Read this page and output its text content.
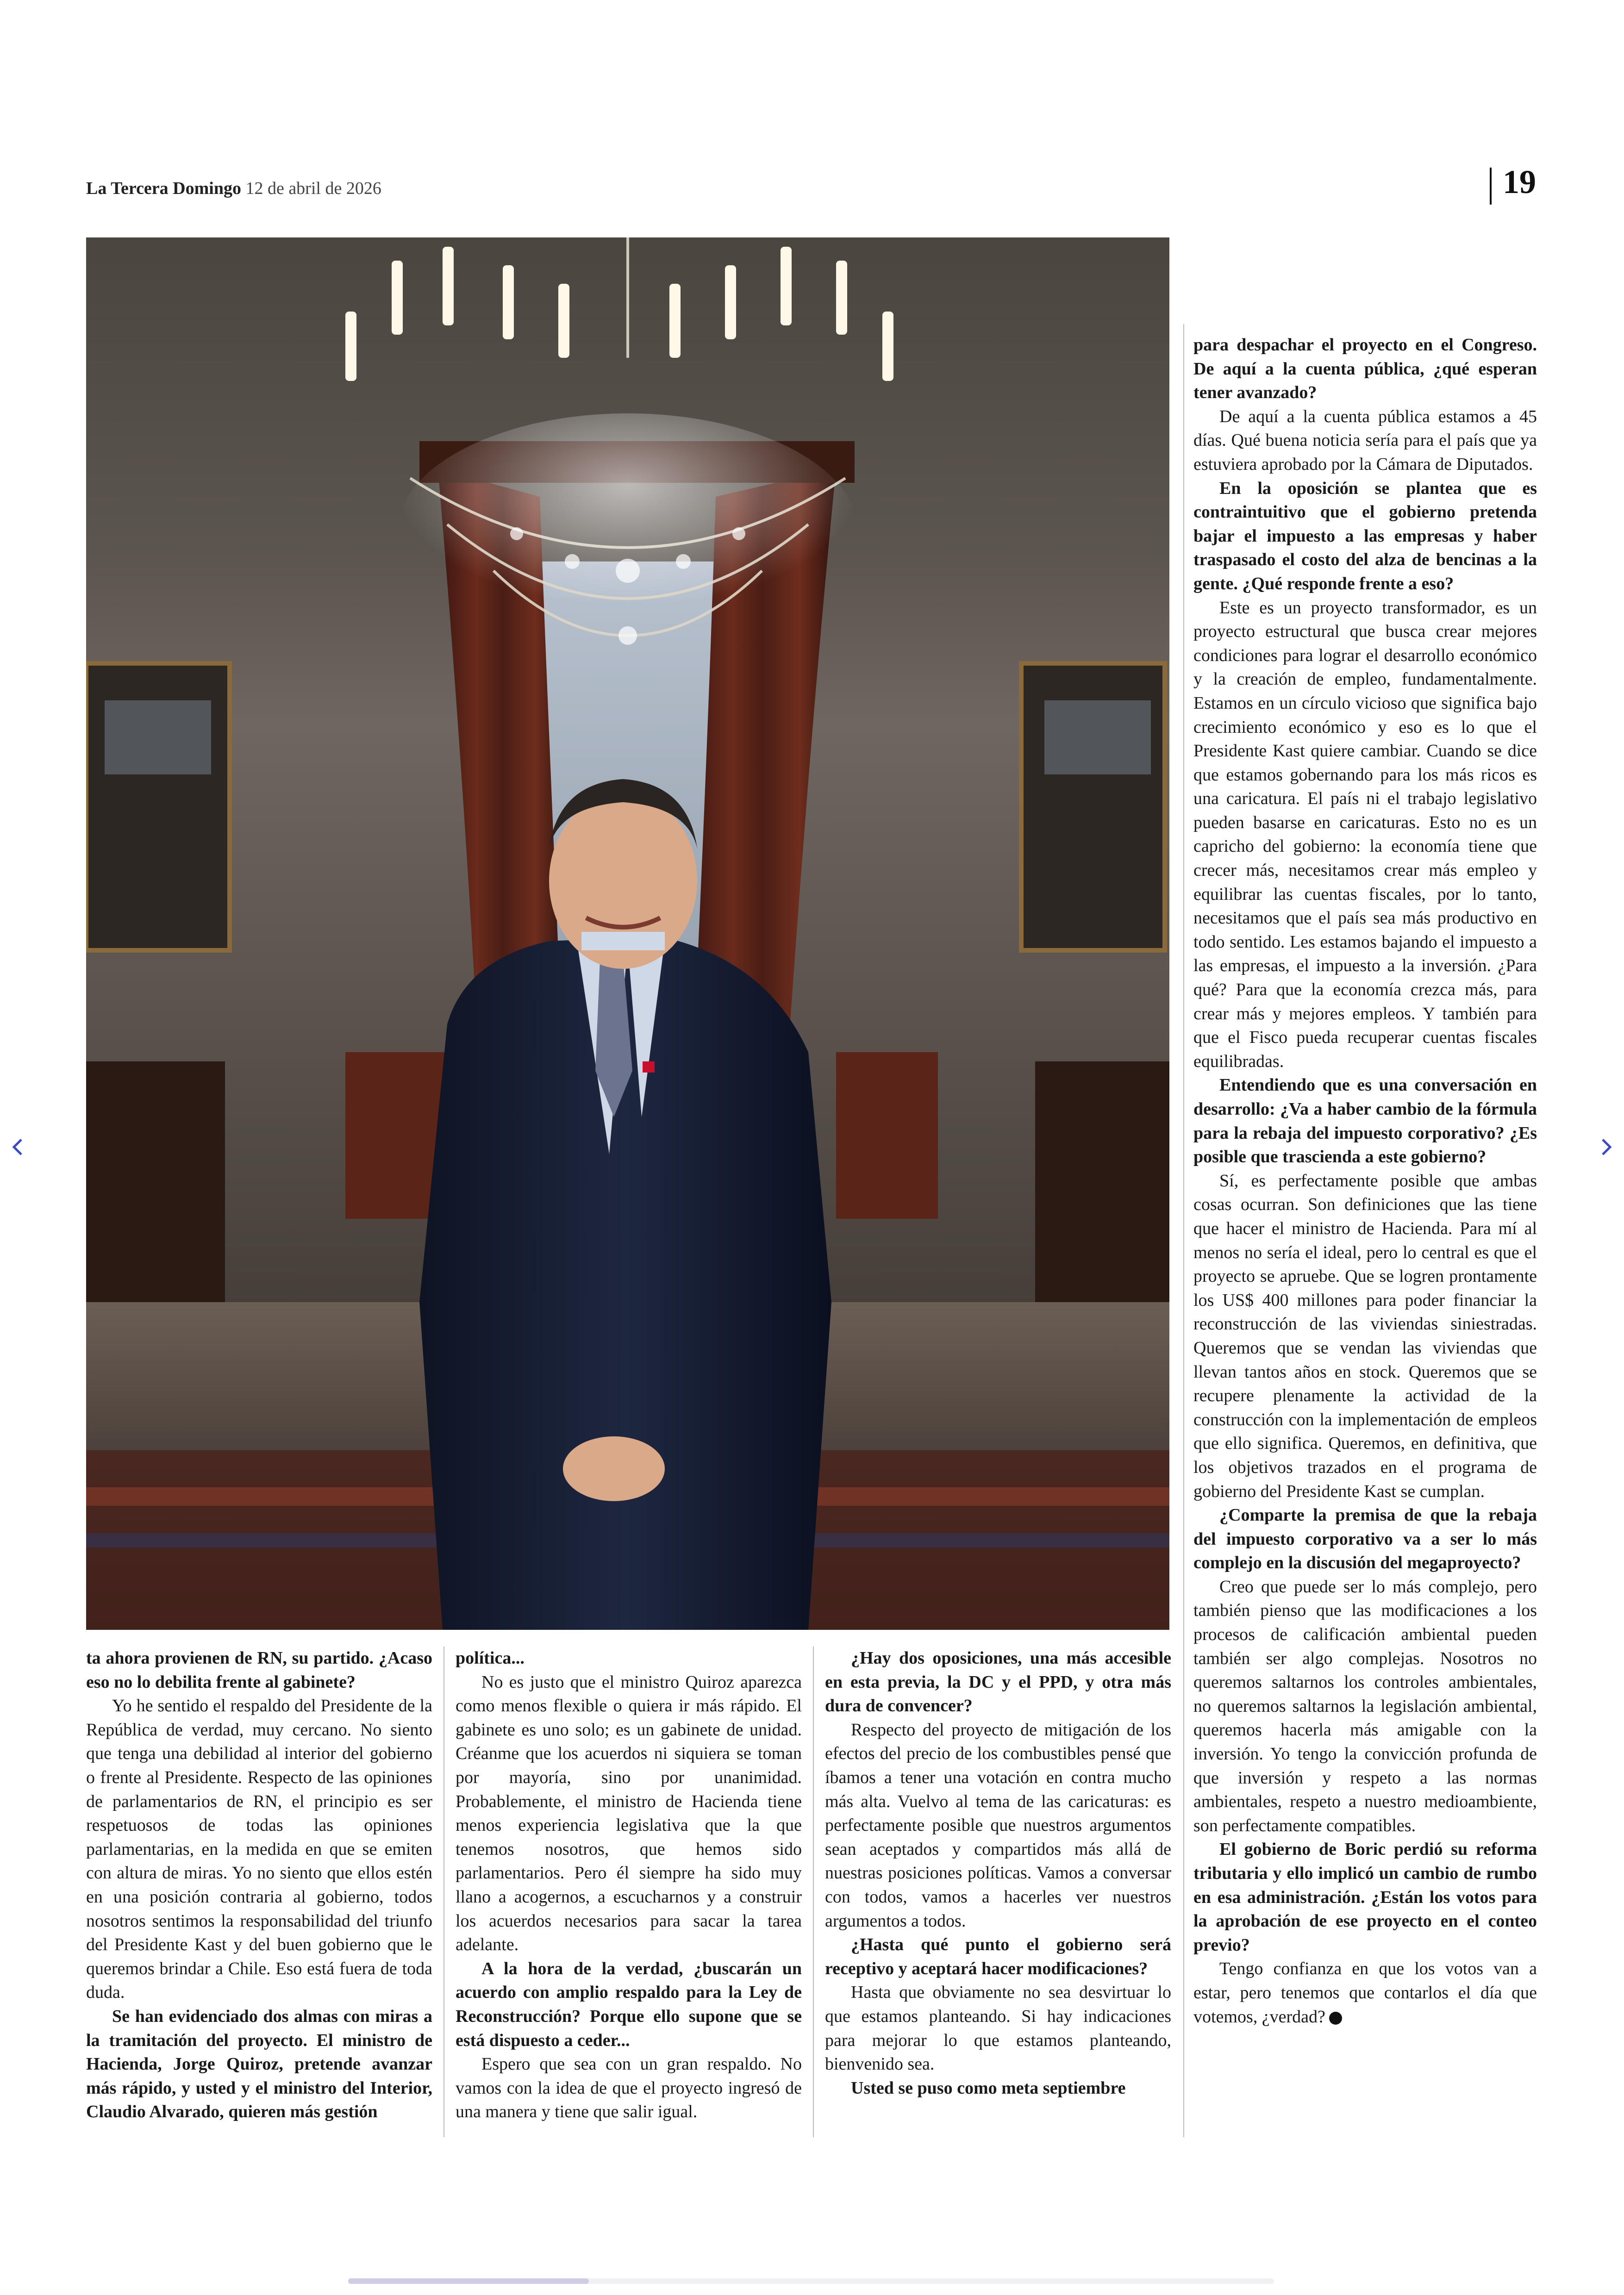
La Tercera Domingo 12 de abril de 2026	19

para despachar el proyecto en el Congreso. De aquí a la cuenta pública, ¿qué esperan tener avanzado?

De aquí a la cuenta pública estamos a 45 días. Qué buena noticia sería para el país que ya estuviera aprobado por la Cámara de Diputados.

En la oposición se plantea que es contraintuitivo que el gobierno pretenda bajar el impuesto a las empresas y haber traspasado el costo del alza de bencinas a la gente. ¿Qué responde frente a eso?

Este es un proyecto transformador, es un proyecto estructural que busca crear mejores condiciones para lograr el desarrollo económico y la creación de empleo, fundamentalmente. Estamos en un círculo vicioso que significa bajo crecimiento económico y eso es lo que el Presidente Kast quiere cambiar. Cuando se dice que estamos gobernando para los más ricos es una caricatura. El país ni el trabajo legislativo pueden basarse en caricaturas. Esto no es un capricho del gobierno: la economía tiene que crecer más, necesitamos crear más empleo y equilibrar las cuentas fiscales, por lo tanto, necesitamos que el país sea más productivo en todo sentido. Les estamos bajando el impuesto a las empresas, el impuesto a la inversión. ¿Para qué? Para que la economía crezca más, para crear más y mejores empleos. Y también para que el Fisco pueda recuperar cuentas fiscales equilibradas.

Entendiendo que es una conversación en desarrollo: ¿Va a haber cambio de la fórmula para la rebaja del impuesto corporativo? ¿Es posible que trascienda a este gobierno?

Sí, es perfectamente posible que ambas cosas ocurran. Son definiciones que las tiene que hacer el ministro de Hacienda. Para mí al menos no sería el ideal, pero lo central es que el proyecto se apruebe. Que se logren prontamente los US$ 400 millones para poder financiar la reconstrucción de las viviendas siniestradas. Queremos que se vendan las viviendas que llevan tantos años en stock. Queremos que se recupere plenamente la actividad de la construcción con la implementación de empleos que ello significa. Queremos, en definitiva, que los objetivos trazados en el programa de gobierno del Presidente Kast se cumplan.

¿Comparte la premisa de que la rebaja del impuesto corporativo va a ser lo más complejo en la discusión del megaproyecto?

Creo que puede ser lo más complejo, pero también pienso que las modificaciones a los procesos de calificación ambiental pueden también ser algo complejas. Nosotros no queremos saltarnos los controles ambientales, no queremos saltarnos la legislación ambiental, queremos hacerla más amigable con la inversión. Yo tengo la convicción profunda de que inversión y respeto a las normas ambientales, respeto a nuestro medioambiente, son perfectamente compatibles.

El gobierno de Boric perdió su reforma tributaria y ello implicó un cambio de rumbo en esa administración. ¿Están los votos para la aprobación de ese proyecto en el conteo previo?

Tengo confianza en que los votos van a estar, pero tenemos que contarlos el día que votemos, ¿verdad?

ta ahora provienen de RN, su partido. ¿Acaso eso no lo debilita frente al gabinete?

Yo he sentido el respaldo del Presidente de la República de verdad, muy cercano. No siento que tenga una debilidad al interior del gobierno o frente al Presidente. Respecto de las opiniones de parlamentarios de RN, el principio es ser respetuosos de todas las opiniones parlamentarias, en la medida en que se emiten con altura de miras. Yo no siento que ellos estén en una posición contraria al gobierno, todos nosotros sentimos la responsabilidad del triunfo del Presidente Kast y del buen gobierno que le queremos brindar a Chile. Eso está fuera de toda duda.

Se han evidenciado dos almas con miras a la tramitación del proyecto. El ministro de Hacienda, Jorge Quiroz, pretende avanzar más rápido, y usted y el ministro del Interior, Claudio Alvarado, quieren más gestión

política...

No es justo que el ministro Quiroz aparezca como menos flexible o quiera ir más rápido. El gabinete es uno solo; es un gabinete de unidad. Créanme que los acuerdos ni siquiera se toman por mayoría, sino por unanimidad. Probablemente, el ministro de Hacienda tiene menos experiencia legislativa que la que tenemos nosotros, que hemos sido parlamentarios. Pero él siempre ha sido muy llano a acogernos, a escucharnos y a construir los acuerdos necesarios para sacar la tarea adelante.

A la hora de la verdad, ¿buscarán un acuerdo con amplio respaldo para la Ley de Reconstrucción? Porque ello supone que se está dispuesto a ceder...

Espero que sea con un gran respaldo. No vamos con la idea de que el proyecto ingresó de una manera y tiene que salir igual.

¿Hay dos oposiciones, una más accesible en esta previa, la DC y el PPD, y otra más dura de convencer?

Respecto del proyecto de mitigación de los efectos del precio de los combustibles pensé que íbamos a tener una votación en contra mucho más alta. Vuelvo al tema de las caricaturas: es perfectamente posible que nuestros argumentos sean aceptados y compartidos más allá de nuestras posiciones políticas. Vamos a conversar con todos, vamos a hacerles ver nuestros argumentos a todos.

¿Hasta qué punto el gobierno será receptivo y aceptará hacer modificaciones?

Hasta que obviamente no sea desvirtuar lo que estamos planteando. Si hay indicaciones para mejorar lo que estamos planteando, bienvenido sea.

Usted se puso como meta septiembre
